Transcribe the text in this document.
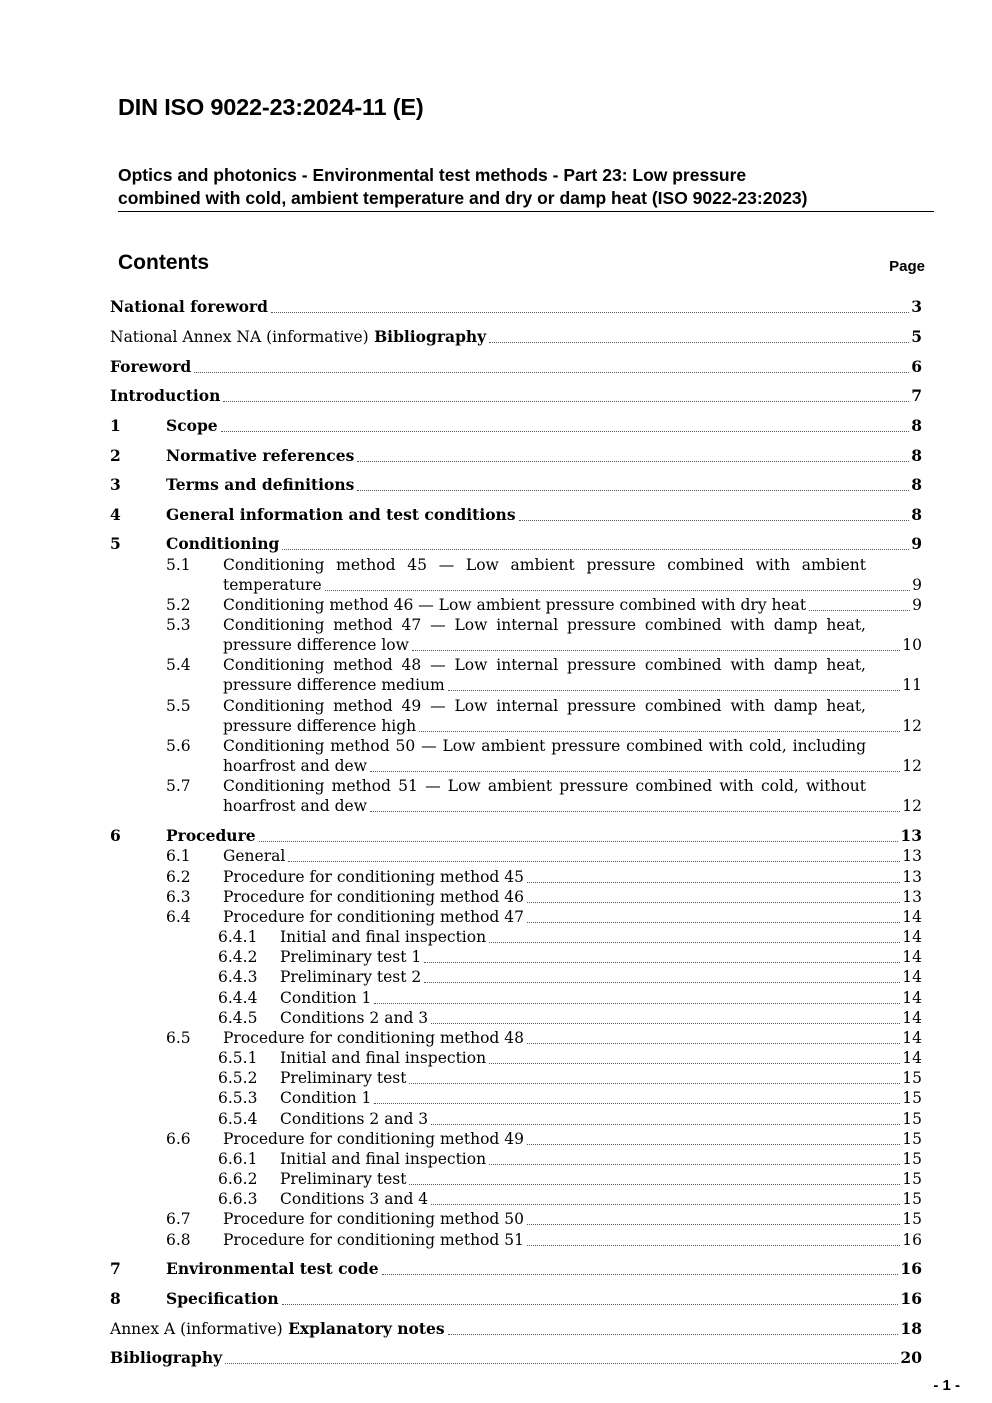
DIN ISO 9022-23:2024-11 (E)
Optics and photonics - Environmental test methods - Part 23: Low pressure
combined with cold, ambient temperature and dry or damp heat (ISO 9022-23:2023)
Contents	Page
National foreword	3
National Annex NA (informative) Bibliography	5
Foreword	6
Introduction	7
1	Scope	8
2	Normative references	8
3	Terms and definitions	8
4	General information and test conditions	8
5	Conditioning	9
5.1 Conditioning method 45 — Low ambient pressure combined with ambient
temperature	9
5.2 Conditioning method 46 — Low ambient pressure combined with dry heat	9
5.3 Conditioning method 47 — Low internal pressure combined with damp heat,
pressure difference low	10
5.4 Conditioning method 48 — Low internal pressure combined with damp heat,
pressure difference medium	11
5.5 Conditioning method 49 — Low internal pressure combined with damp heat,
pressure difference high	12
5.6 Conditioning method 50 — Low ambient pressure combined with cold, including
hoarfrost and dew	12
5.7 Conditioning method 51 — Low ambient pressure combined with cold, without
hoarfrost and dew	12
6	Procedure	13
6.1 General	13
6.2 Procedure for conditioning method 45	13
6.3 Procedure for conditioning method 46	13
6.4 Procedure for conditioning method 47	14
6.4.1 Initial and final inspection	14
6.4.2 Preliminary test 1	14
6.4.3 Preliminary test 2	14
6.4.4 Condition 1	14
6.4.5 Conditions 2 and 3	14
6.5 Procedure for conditioning method 48	14
6.5.1 Initial and final inspection	14
6.5.2 Preliminary test	15
6.5.3 Condition 1	15
6.5.4 Conditions 2 and 3	15
6.6 Procedure for conditioning method 49	15
6.6.1 Initial and final inspection	15
6.6.2 Preliminary test	15
6.6.3 Conditions 3 and 4	15
6.7 Procedure for conditioning method 50	15
6.8 Procedure for conditioning method 51	16
7	Environmental test code	16
8	Specification	16
Annex A (informative) Explanatory notes	18
Bibliography	20
- 1 -
